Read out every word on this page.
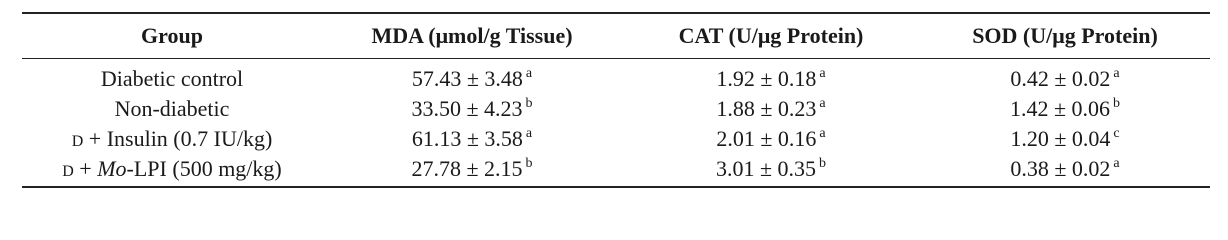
Group	MDA (μmol/g Tissue)	CAT (U/μg Protein)	SOD (U/μg Protein)
Diabetic control	57.43 ± 3.48 $^a$	1.92 ± 0.18 $^a$	0.42 ± 0.02 $^a$
Non-diabetic	33.50 ± 4.23 $^b$	1.88 ± 0.23 $^a$	1.42 ± 0.06 $^b$
D + Insulin (0.7 IU/kg)	61.13 ± 3.58 $^a$	2.01 ± 0.16 $^a$	1.20 ± 0.04 $^c$
D + Mo-LPI (500 mg/kg)	27.78 ± 2.15 $^b$	3.01 ± 0.35 $^b$	0.38 ± 0.02 $^a$
